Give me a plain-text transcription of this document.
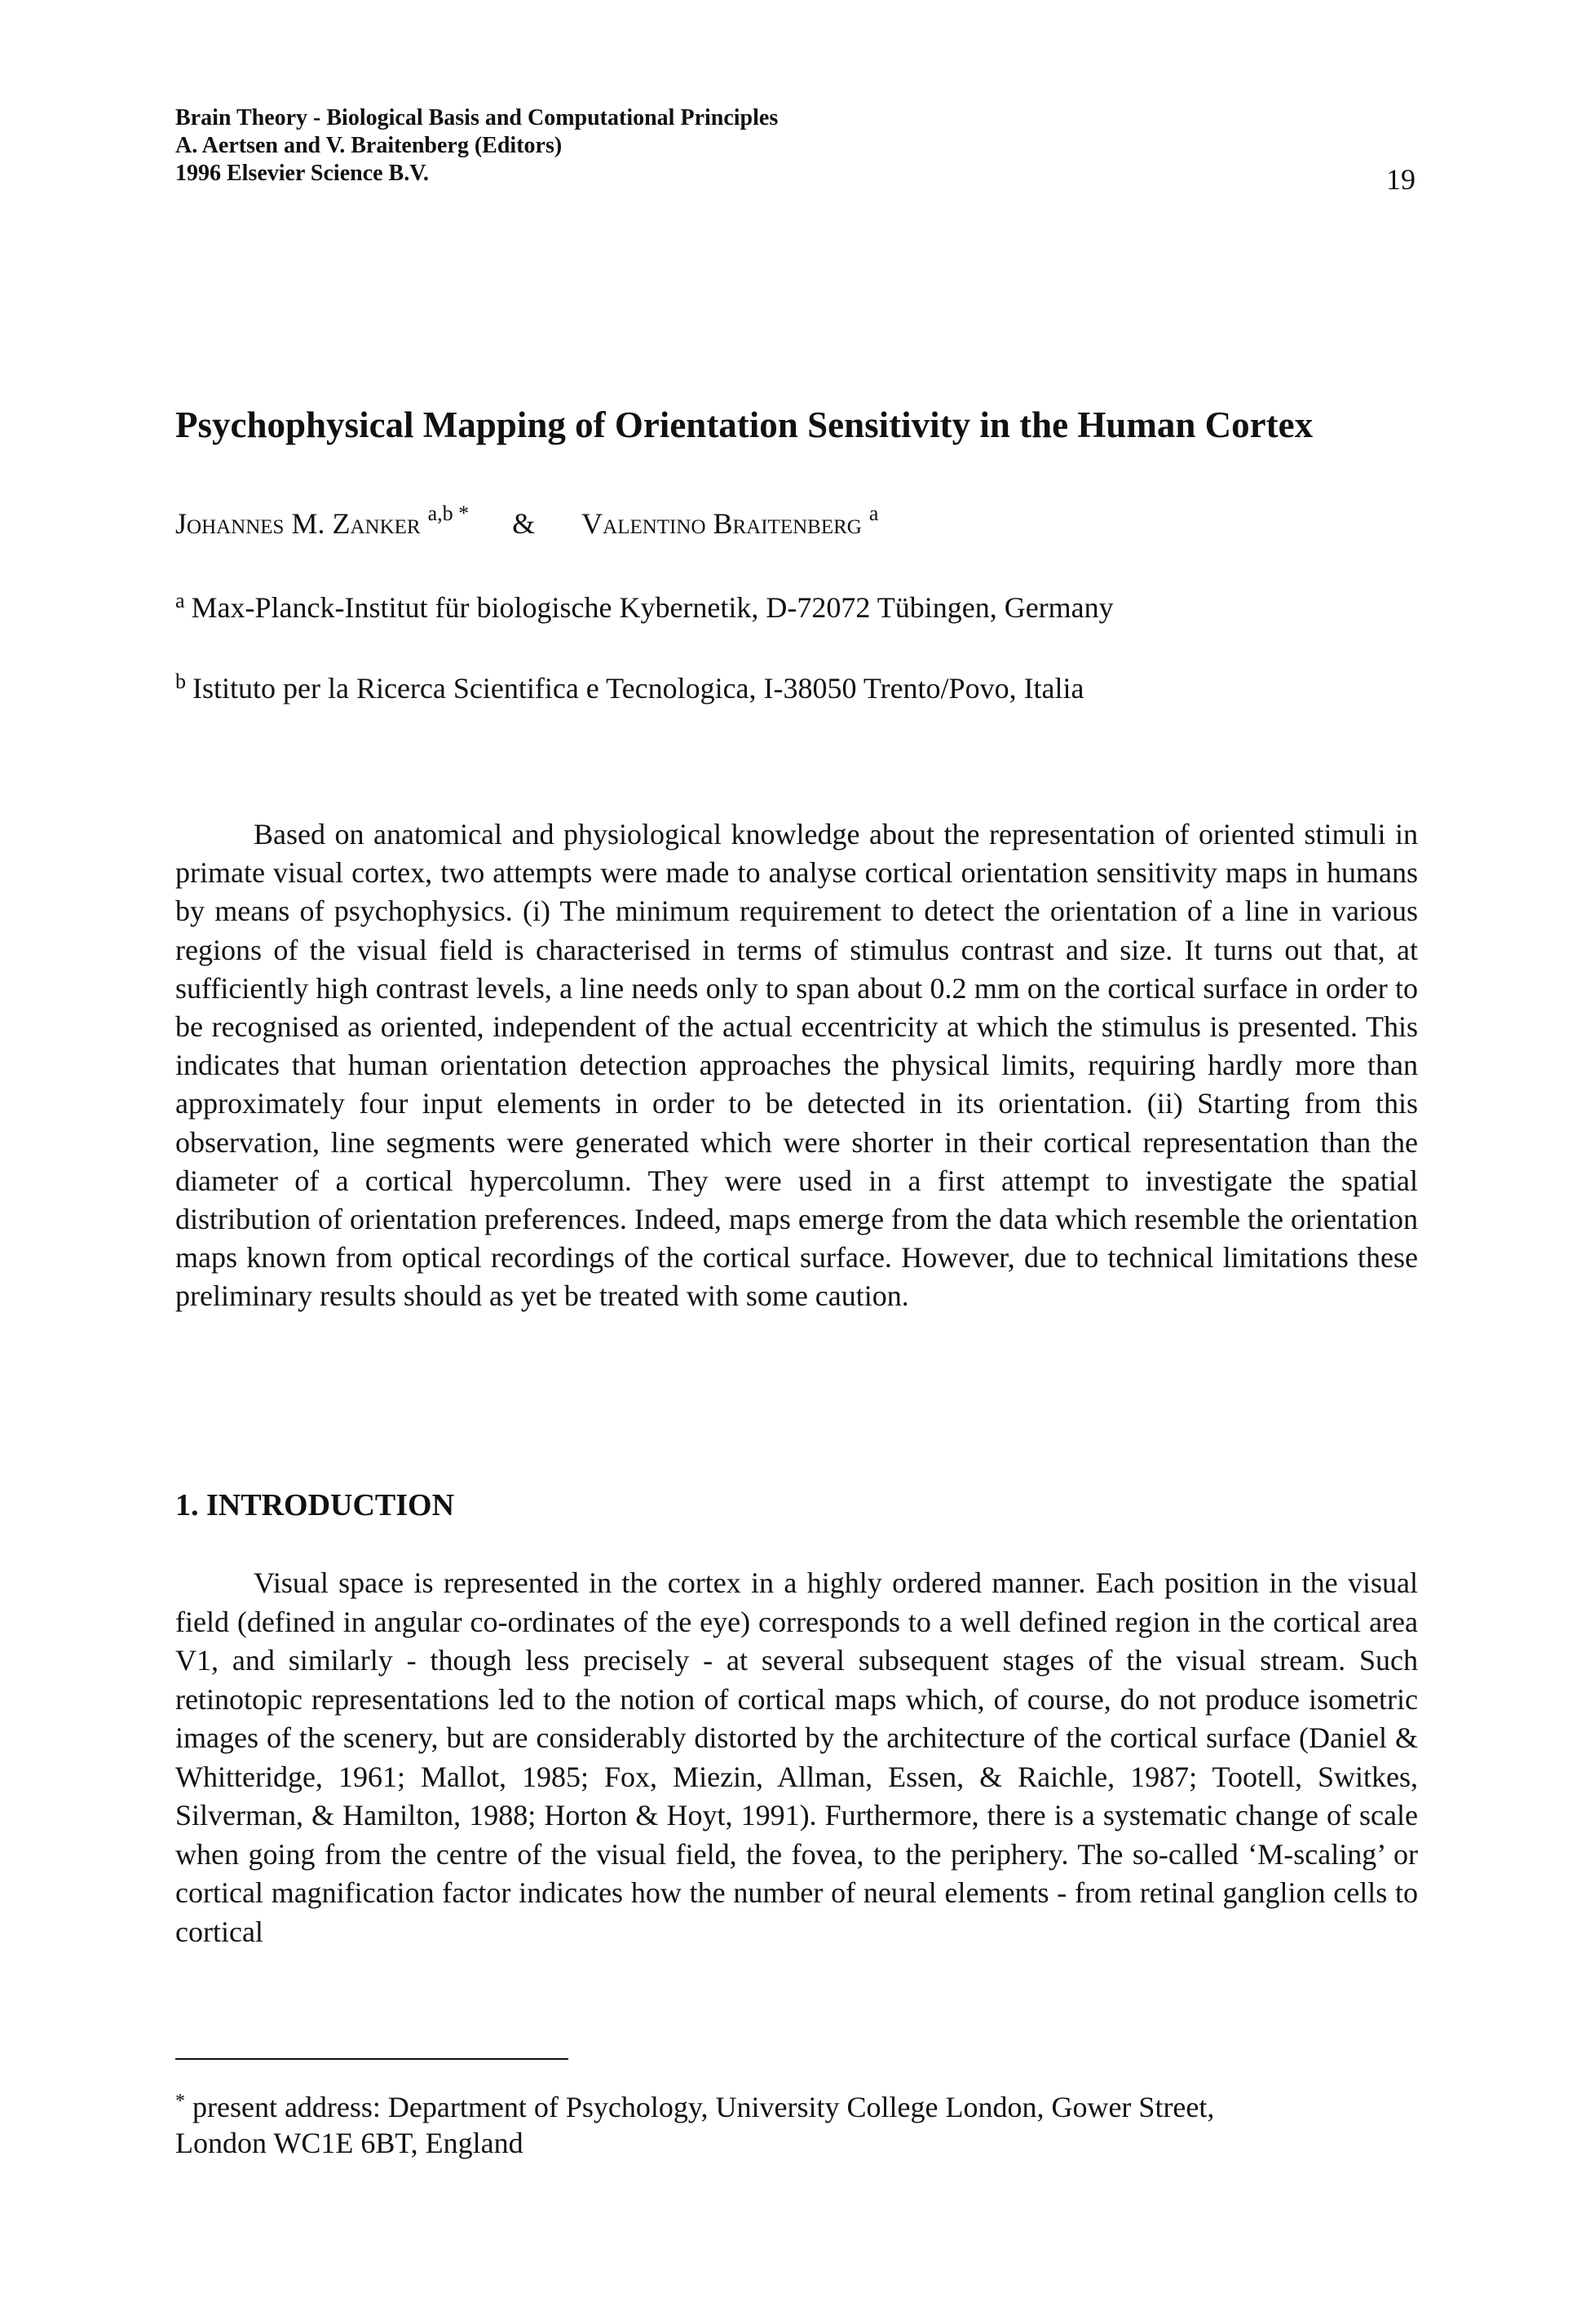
Brain Theory - Biological Basis and Computational Principles
A. Aertsen and V. Braitenberg (Editors)
1996 Elsevier Science B.V.	19
Psychophysical Mapping of Orientation Sensitivity in the Human Cortex
Johannes M. Zanker $^{a,b *}$ & Valentino Braitenberg $^a$
$^a$ Max-Planck-Institut für biologische Kybernetik, D-72072 Tübingen, Germany
$^b$ Istituto per la Ricerca Scientifica e Tecnologica, I-38050 Trento/Povo, Italia

Based on anatomical and physiological knowledge about the representation of oriented stimuli in primate visual cortex, two attempts were made to analyse cortical orientation sensitivity maps in humans by means of psychophysics. (i) The minimum requirement to detect the orientation of a line in various regions of the visual field is characterised in terms of stimulus contrast and size. It turns out that, at sufficiently high contrast levels, a line needs only to span about 0.2 mm on the cortical surface in order to be recognised as oriented, independent of the actual eccentricity at which the stimulus is presented. This indicates that human orientation detection approaches the physical limits, requiring hardly more than approximately four input elements in order to be detected in its orientation. (ii) Starting from this observation, line segments were generated which were shorter in their cortical representation than the diameter of a cortical hypercolumn. They were used in a first attempt to investigate the spatial distribution of orientation preferences. Indeed, maps emerge from the data which resemble the orientation maps known from optical recordings of the cortical surface. However, due to technical limitations these preliminary results should as yet be treated with some caution.

1. INTRODUCTION

Visual space is represented in the cortex in a highly ordered manner. Each position in the visual field (defined in angular co-ordinates of the eye) corresponds to a well defined region in the cortical area V1, and similarly - though less precisely - at several subsequent stages of the visual stream. Such retinotopic representations led to the notion of cortical maps which, of course, do not produce isometric images of the scenery, but are considerably distorted by the architecture of the cortical surface (Daniel & Whitteridge, 1961; Mallot, 1985; Fox, Miezin, Allman, Essen, & Raichle, 1987; Tootell, Switkes, Silverman, & Hamilton, 1988; Horton & Hoyt, 1991). Furthermore, there is a systematic change of scale when going from the centre of the visual field, the fovea, to the periphery. The so-called ‘M-scaling’ or cortical magnification factor indicates how the number of neural elements - from retinal ganglion cells to cortical

* present address: Department of Psychology, University College London, Gower Street,
London WC1E 6BT, England
